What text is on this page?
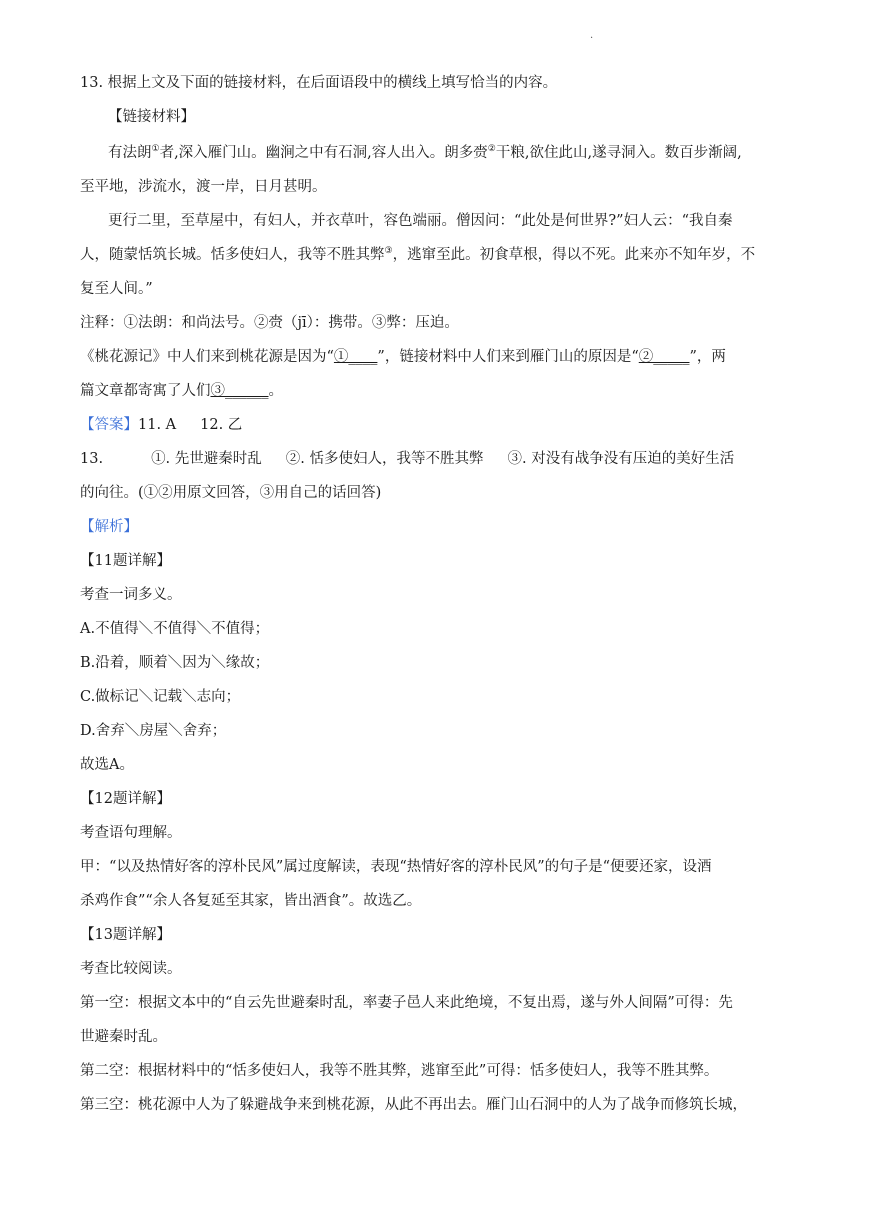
.
13. 根据上文及下面的链接材料，在后面语段中的横线上填写恰当的内容。
【链接材料】
有法朗①者,深入雁门山。幽涧之中有石洞,容人出入。朗多赍②干粮,欲住此山,遂寻洞入。数百步渐阔,
至平地，涉流水，渡一岸，日月甚明。
更行二里，至草屋中，有妇人，并衣草叶，容色端丽。僧因问：“此处是何世界?”妇人云：“我自秦
人，随蒙恬筑长城。恬多使妇人，我等不胜其弊③，逃窜至此。初食草根，得以不死。此来亦不知年岁，不
复至人间。”
注释：①法朗：和尚法号。②赍（jī）：携带。③弊：压迫。
《桃花源记》中人们来到桃花源是因为“①____”，链接材料中人们来到雁门山的原因是“②_____”，两
篇文章都寄寓了人们③______。
【答案】11. A 12. 乙
13.	①. 先世避秦时乱 ②. 恬多使妇人，我等不胜其弊 ③. 对没有战争没有压迫的美好生活
的向往。(①②用原文回答，③用自己的话回答)
【解析】
【11题详解】
考查一词多义。
A.不值得＼不值得＼不值得；
B.沿着，顺着＼因为＼缘故；
C.做标记＼记载＼志向；
D.舍弃＼房屋＼舍弃；
故选A。
【12题详解】
考查语句理解。
甲：“以及热情好客的淳朴民风”属过度解读，表现“热情好客的淳朴民风”的句子是“便要还家，设酒
杀鸡作食”“余人各复延至其家，皆出酒食”。故选乙。
【13题详解】
考查比较阅读。
第一空：根据文本中的“自云先世避秦时乱，率妻子邑人来此绝境，不复出焉，遂与外人间隔”可得：先
世避秦时乱。
第二空：根据材料中的“恬多使妇人，我等不胜其弊，逃窜至此”可得：恬多使妇人，我等不胜其弊。
第三空：桃花源中人为了躲避战争来到桃花源，从此不再出去。雁门山石洞中的人为了战争而修筑长城，
